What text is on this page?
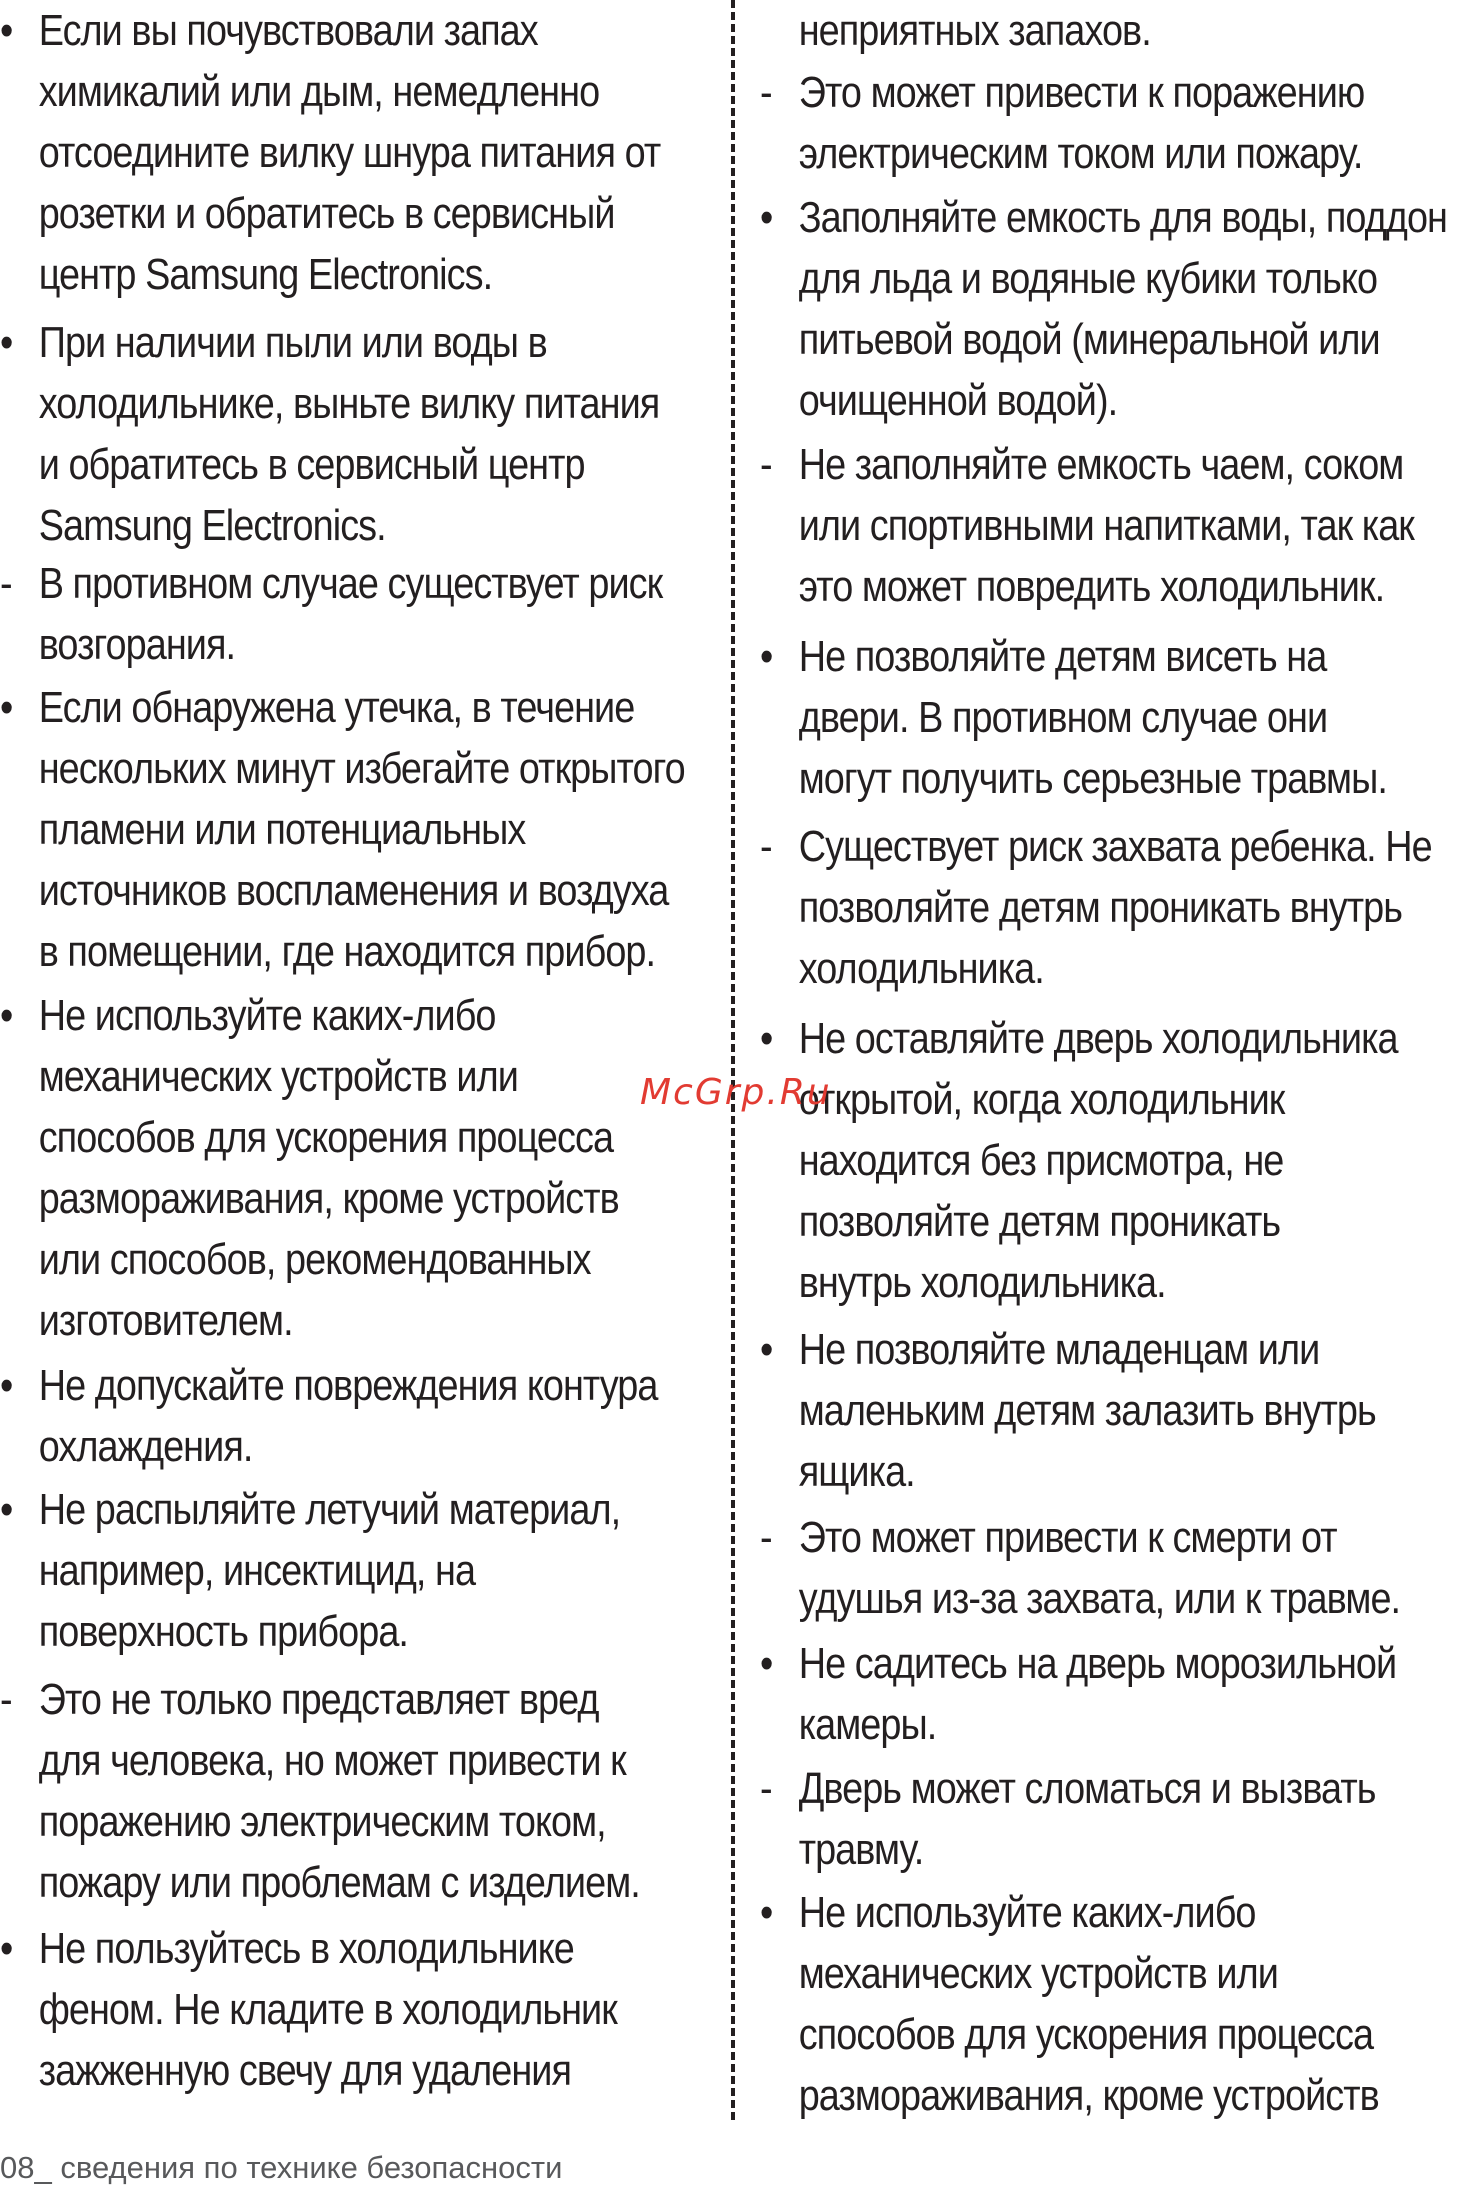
• Если вы почувствовали запах
химикалий или дым, немедленно
отсоедините вилку шнура питания от
розетки и обратитесь в сервисный
центр Samsung Electronics.
• При наличии пыли или воды в
холодильнике, выньте вилку питания
и обратитесь в сервисный центр
Samsung Electronics.
- В противном случае существует риск
возгорания.
• Если обнаружена утечка, в течение
нескольких минут избегайте открытого
пламени или потенциальных
источников воспламенения и воздуха
в помещении, где находится прибор.
• Не используйте каких-либо
механических устройств или
способов для ускорения процесса
размораживания, кроме устройств
или способов, рекомендованных
изготовителем.
• Не допускайте повреждения контура
охлаждения.
• Не распыляйте летучий материал,
например, инсектицид, на
поверхность прибора.
- Это не только представляет вред
для человека, но может привести к
поражению электрическим током,
пожару или проблемам с изделием.
• Не пользуйтесь в холодильнике
феном. Не кладите в холодильник
зажженную свечу для удаления
неприятных запахов.
- Это может привести к поражению
электрическим током или пожару.
• Заполняйте емкость для воды, поддон
для льда и водяные кубики только
питьевой водой (минеральной или
очищенной водой).
- Не заполняйте емкость чаем, соком
или спортивными напитками, так как
это может повредить холодильник.
• Не позволяйте детям висеть на
двери. В противном случае они
могут получить серьезные травмы.
- Существует риск захвата ребенка. Не
позволяйте детям проникать внутрь
холодильника.
• Не оставляйте дверь холодильника
открытой, когда холодильник
находится без присмотра, не
позволяйте детям проникать
внутрь холодильника.
• Не позволяйте младенцам или
маленьким детям залазить внутрь
ящика.
- Это может привести к смерти от
удушья из-за захвата, или к травме.
• Не садитесь на дверь морозильной
камеры.
- Дверь может сломаться и вызвать
травму.
• Не используйте каких-либо
механических устройств или
способов для ускорения процесса
размораживания, кроме устройств
McGrp.Ru
08_ сведения по технике безопасности
